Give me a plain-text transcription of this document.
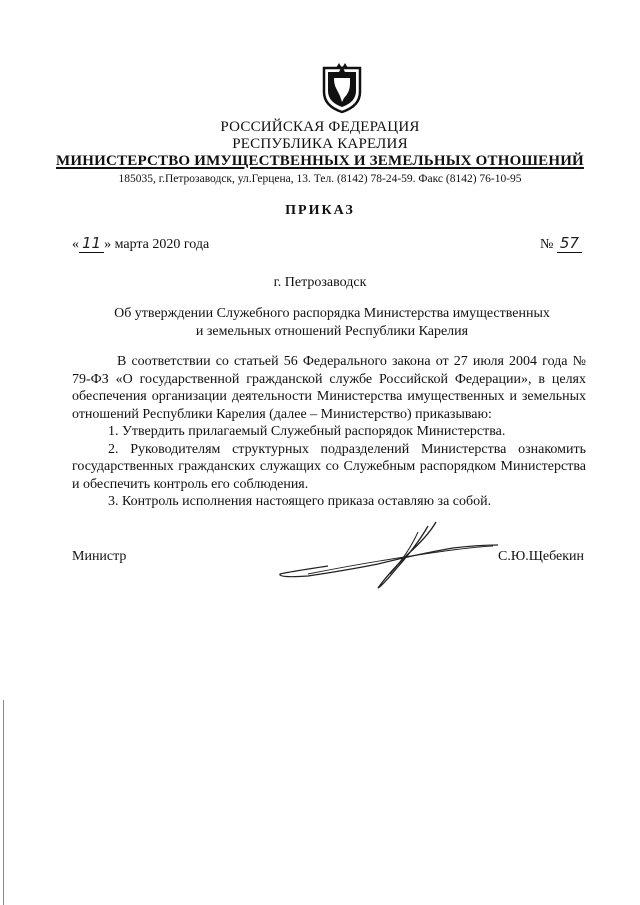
РОССИЙСКАЯ ФЕДЕРАЦИЯ
РЕСПУБЛИКА КАРЕЛИЯ
МИНИСТЕРСТВО ИМУЩЕСТВЕННЫХ И ЗЕМЕЛЬНЫХ ОТНОШЕНИЙ
185035, г.Петрозаводск, ул.Герцена, 13. Тел. (8142) 78-24-59. Факс (8142) 76-10-95
ПРИКАЗ
« 11 » марта 2020 года	№ 57
г. Петрозаводск
Об утверждении Служебного распорядка Министерства имущественных
и земельных отношений Республики Карелия

В соответствии со статьей 56 Федерального закона от 27 июля 2004 года № 79-ФЗ «О государственной гражданской службе Российской Федерации», в целях обеспечения организации деятельности Министерства имущественных и земельных отношений Республики Карелия (далее – Министерство) приказываю:

1. Утвердить прилагаемый Служебный распорядок Министерства.

2. Руководителям структурных подразделений Министерства ознакомить государственных гражданских служащих со Служебным распорядком Министерства и обеспечить контроль его соблюдения.

3. Контроль исполнения настоящего приказа оставляю за собой.

Министр	С.Ю.Щебекин
